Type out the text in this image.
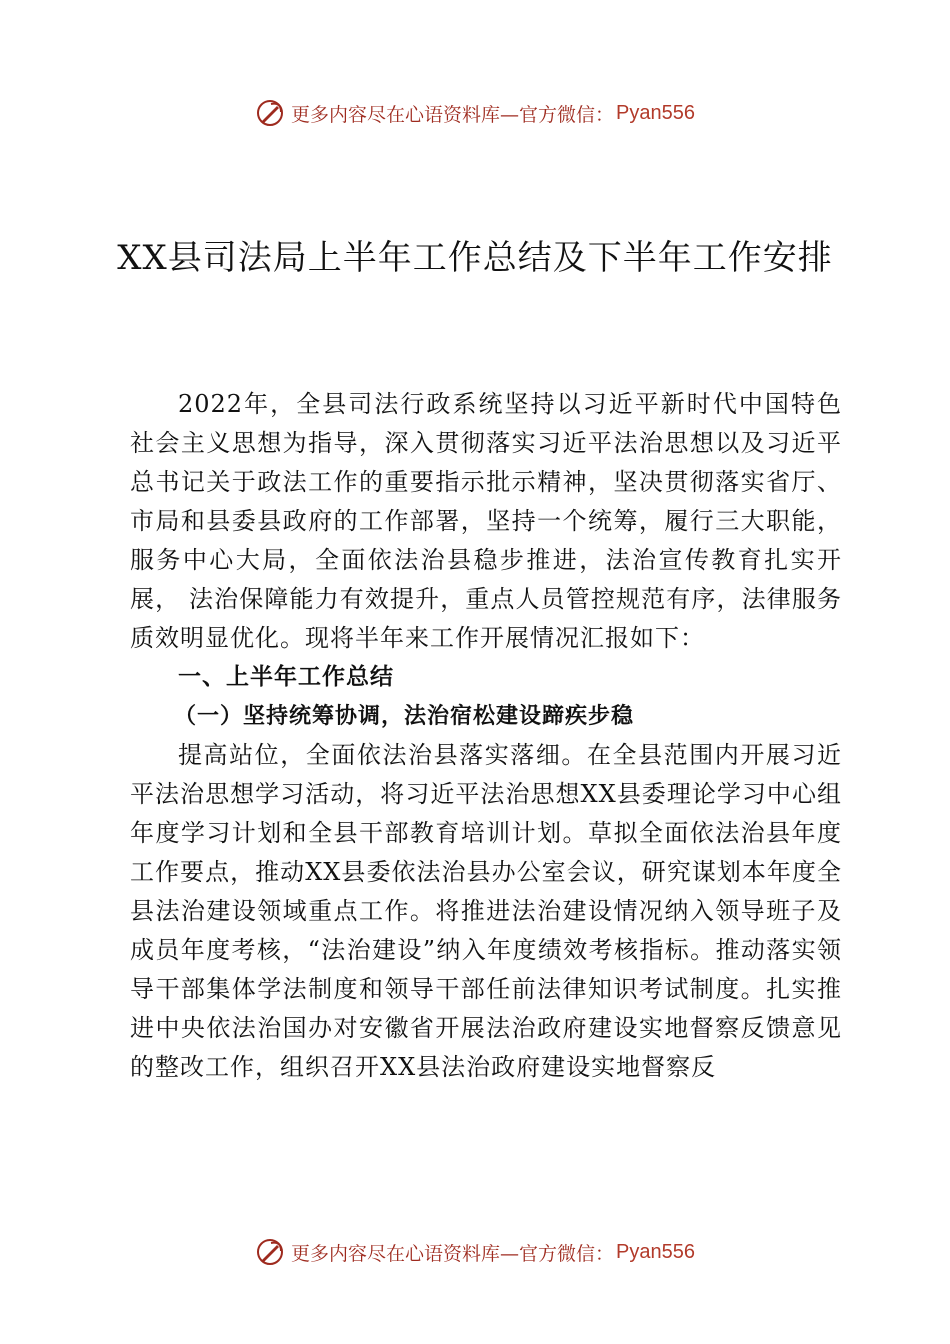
更多内容尽在心语资料库—官方微信： Pyan556
XX县司法局上半年工作总结及下半年工作安排

2022年，全县司法行政系统坚持以习近平新时代中国特色社会主义思想为指导，深入贯彻落实习近平法治思想以及习近平总书记关于政法工作的重要指示批示精神，坚决贯彻落实省厅、市局和县委县政府的工作部署，坚持一个统筹，履行三大职能， 服务中心大局，全面依法治县稳步推进，法治宣传教育扎实开展， 法治保障能力有效提升，重点人员管控规范有序，法律服务质效明显优化。现将半年来工作开展情况汇报如下：

一、上半年工作总结

（一）坚持统筹协调，法治宿松建设蹄疾步稳

提高站位，全面依法治县落实落细。在全县范围内开展习近平法治思想学习活动，将习近平法治思想XX县委理论学习中心组年度学习计划和全县干部教育培训计划。草拟全面依法治县年度工作要点，推动XX县委依法治县办公室会议，研究谋划本年度全县法治建设领域重点工作。将推进法治建设情况纳入领导班子及成员年度考核，“法治建设”纳入年度绩效考核指标。推动落实领导干部集体学法制度和领导干部任前法律知识考试制度。扎实推进中央依法治国办对安徽省开展法治政府建设实地督察反馈意见的整改工作，组织召开XX县法治政府建设实地督察反

更多内容尽在心语资料库—官方微信： Pyan556
